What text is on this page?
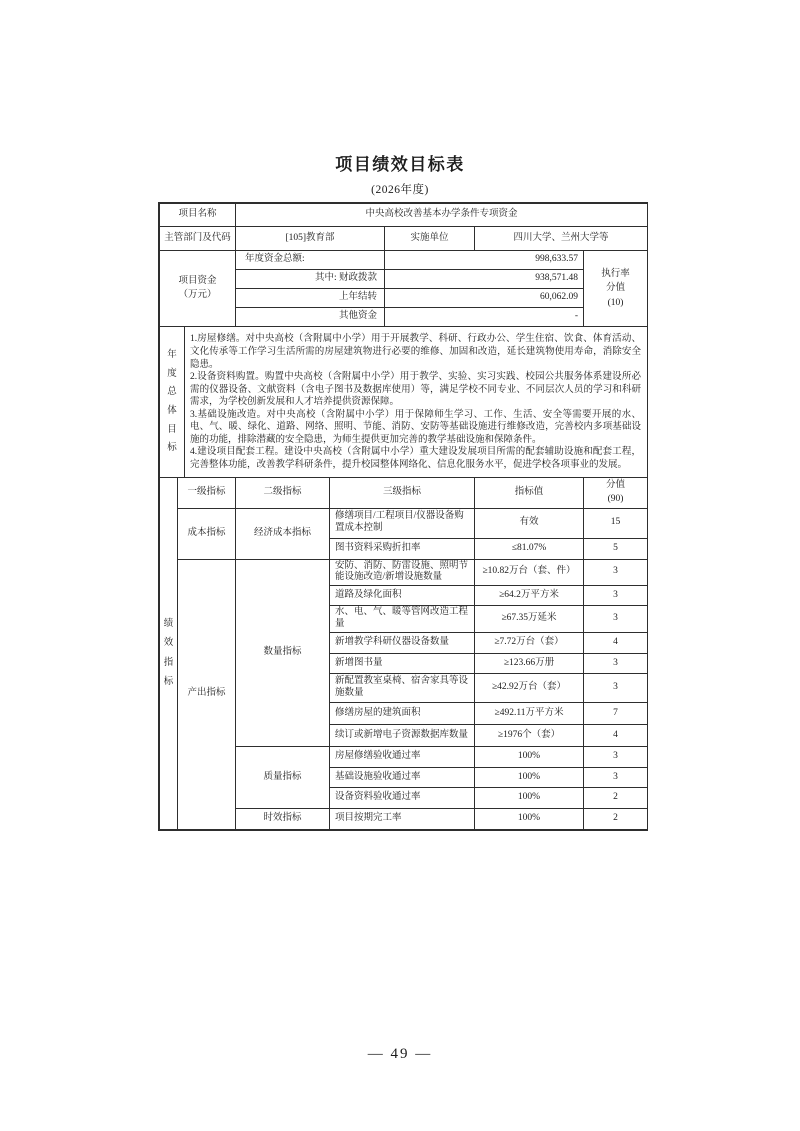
项目绩效目标表
(2026年度)
项目名称	中央高校改善基本办学条件专项资金		
主管部门及代码	[105]教育部	实施单位	四川大学、兰州大学等
项目资金
（万元）	年度资金总额:	998,633.57	执行率
分值
(10)

	其中: 财政拨款	938,571.48	
	上年结转	60,062.09	
	其他资金	-	
年度总体目标	
1.房屋修缮。对中央高校（含附属中小学）用于开展教学、科研、行政办公、学生住宿、饮食、体育活动、文化传承等工作学习生活所需的房屋建筑物进行必要的维修、加固和改造，延长建筑物使用寿命，消除安全隐患。
2.设备资料购置。购置中央高校（含附属中小学）用于教学、实验、实习实践、校园公共服务体系建设所必需的仪器设备、文献资料（含电子图书及数据库使用）等，满足学校不同专业、不同层次人员的学习和科研需求，为学校创新发展和人才培养提供资源保障。
3.基础设施改造。对中央高校（含附属中小学）用于保障师生学习、工作、生活、安全等需要开展的水、电、气、暖、绿化、道路、网络、照明、节能、消防、安防等基础设施进行维修改造，完善校内多项基础设施的功能，排除潜藏的安全隐患，为师生提供更加完善的教学基础设施和保障条件。
4.建设项目配套工程。建设中央高校（含附属中小学）重大建设发展项目所需的配套辅助设施和配套工程，完善整体功能，改善教学科研条件，提升校园整体网络化、信息化服务水平，促进学校各项事业的发展。
绩效指标	一级指标	二级指标	三级指标	指标值	分值
(90)

	成本指标	经济成本指标	修缮项目/工程项目/仪器设备购置成本控制	有效	15
			图书资料采购折扣率	≤81.07%	5
	产出指标	数量指标	安防、消防、防雷设施、照明节能设施改造/新增设施数量	≥10.82万台（套、件）	3
			道路及绿化面积	≥64.2万平方米	3
			水、电、气、暖等管网改造工程量	≥67.35万延米	3
			新增教学科研仪器设备数量	≥7.72万台（套）	4
			新增图书量	≥123.66万册	3
			新配置教室桌椅、宿舍家具等设施数量	≥42.92万台（套）	3
			修缮房屋的建筑面积	≥492.11万平方米	7
			续订或新增电子资源数据库数量	≥1976个（套）	4
		质量指标	房屋修缮验收通过率	100%	3
			基础设施验收通过率	100%	3
			设备资料验收通过率	100%	2
		时效指标	项目按期完工率	100%	2
— 49 —
